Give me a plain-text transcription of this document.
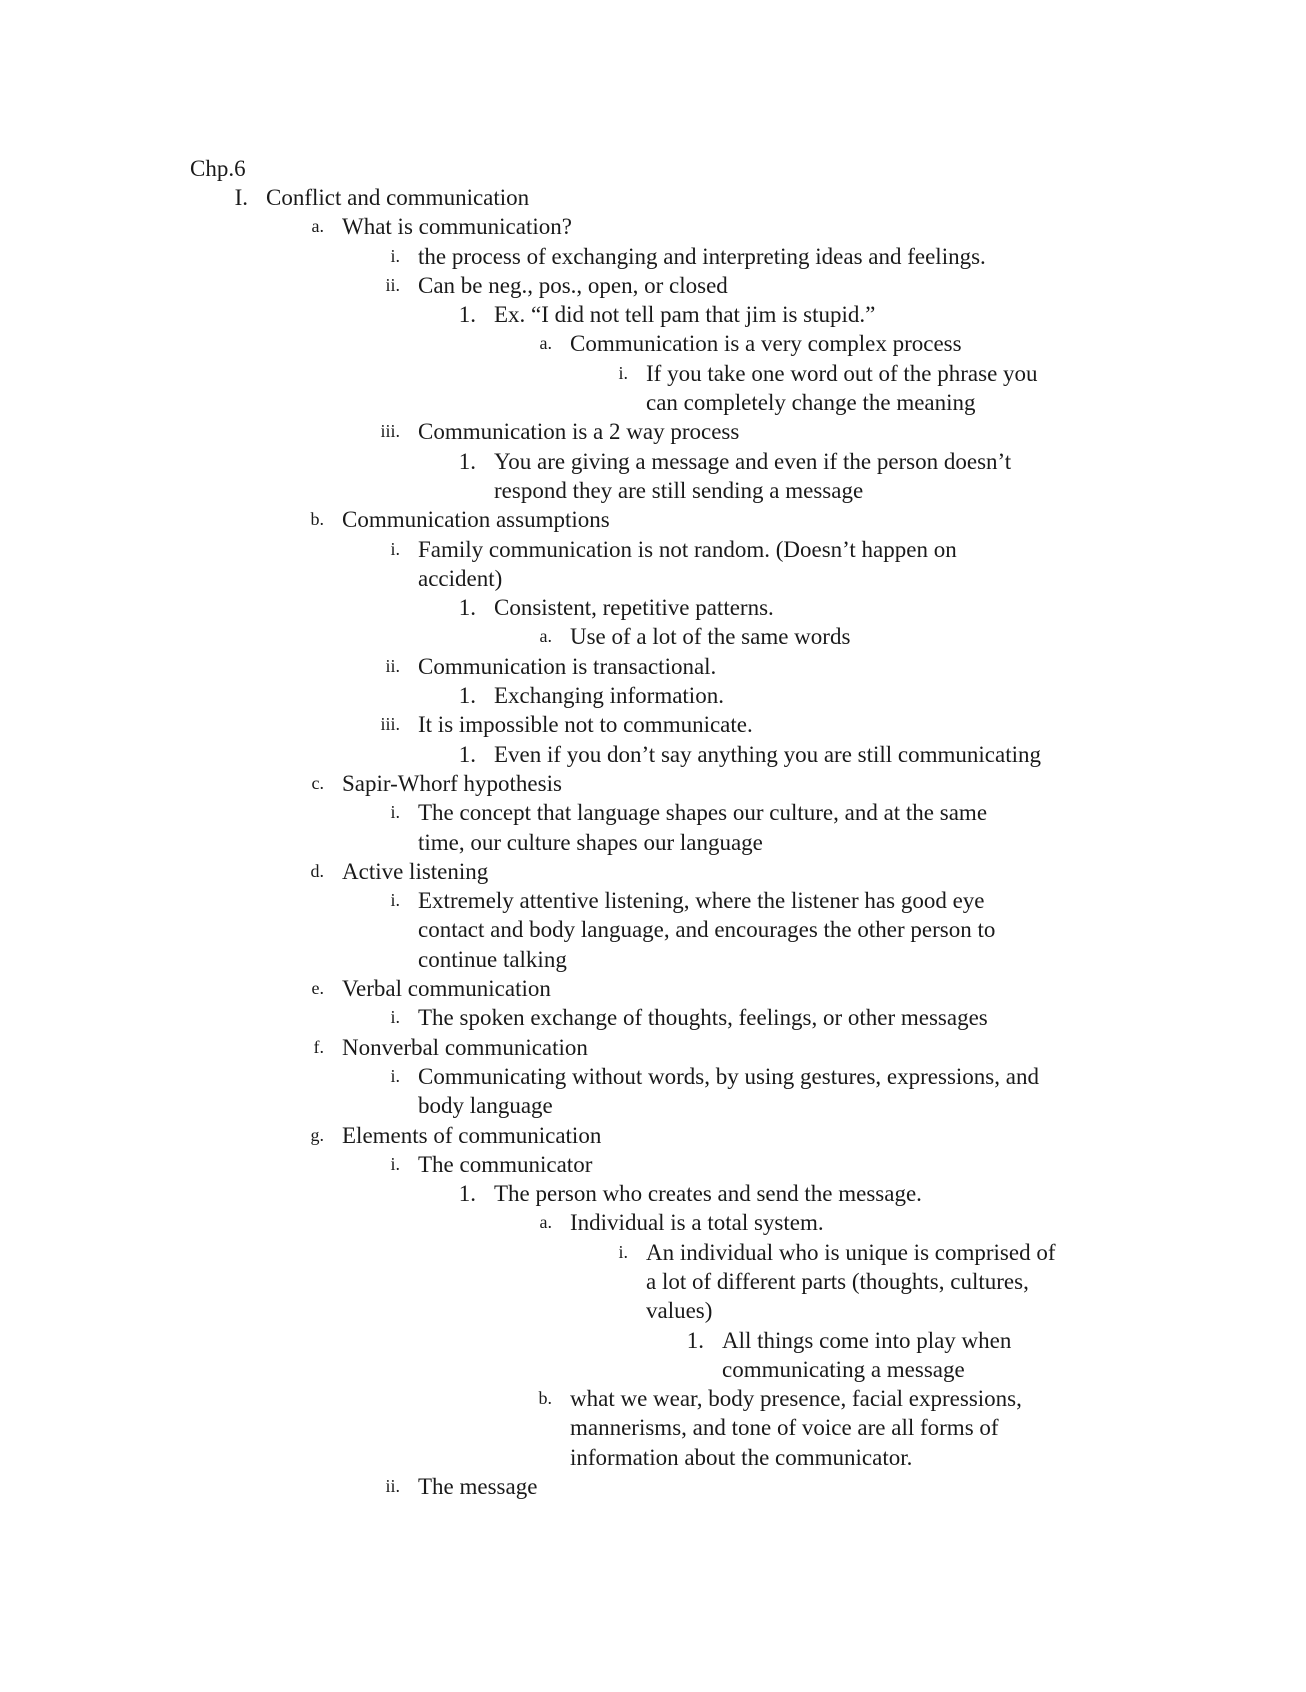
Chp.6
I. Conflict and communication
a. What is communication?
i. the process of exchanging and interpreting ideas and feelings.
ii. Can be neg., pos., open, or closed
1. Ex. “I did not tell pam that jim is stupid.”
a. Communication is a very complex process
i. If you take one word out of the phrase you
can completely change the meaning
iii. Communication is a 2 way process
1. You are giving a message and even if the person doesn’t
respond they are still sending a message
b. Communication assumptions
i. Family communication is not random. (Doesn’t happen on
accident)
1. Consistent, repetitive patterns.
a. Use of a lot of the same words
ii. Communication is transactional.
1. Exchanging information.
iii. It is impossible not to communicate.
1. Even if you don’t say anything you are still communicating
c. Sapir-Whorf hypothesis
i. The concept that language shapes our culture, and at the same
time, our culture shapes our language
d. Active listening
i. Extremely attentive listening, where the listener has good eye
contact and body language, and encourages the other person to
continue talking
e. Verbal communication
i. The spoken exchange of thoughts, feelings, or other messages
f. Nonverbal communication
i. Communicating without words, by using gestures, expressions, and
body language
g. Elements of communication
i. The communicator
1. The person who creates and send the message.
a. Individual is a total system.
i. An individual who is unique is comprised of
a lot of different parts (thoughts, cultures,
values)
1. All things come into play when
communicating a message
b. what we wear, body presence, facial expressions,
mannerisms, and tone of voice are all forms of
information about the communicator.
ii. The message
